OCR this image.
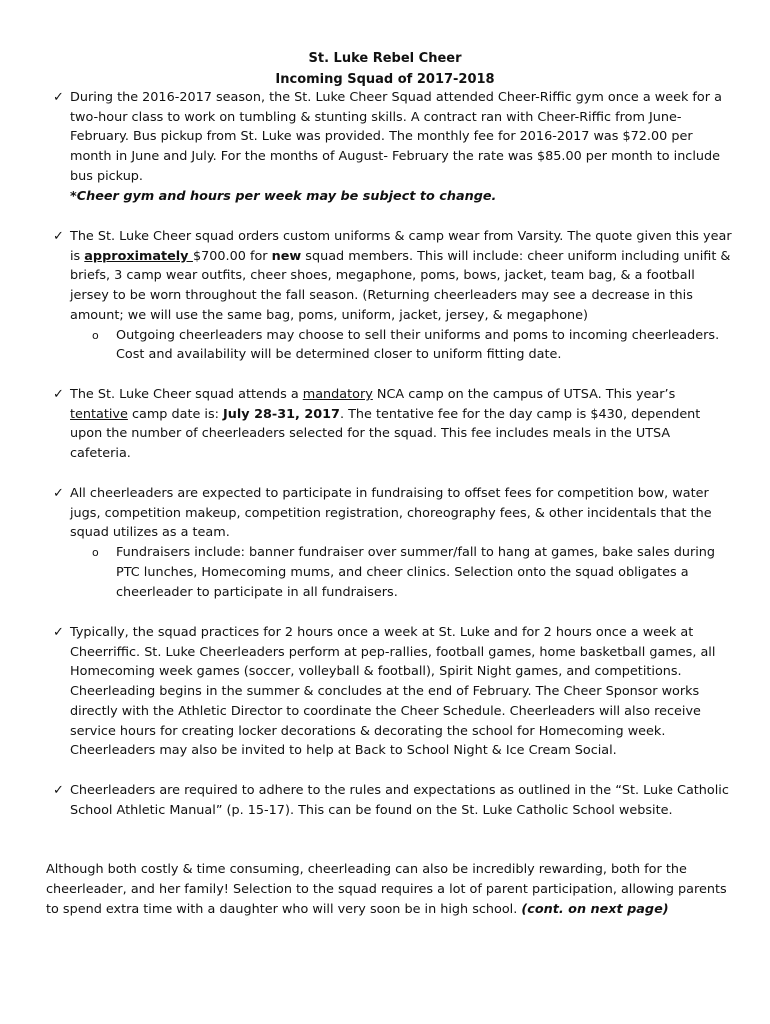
St. Luke Rebel Cheer
Incoming Squad of 2017-2018
✓ During the 2016-2017 season, the St. Luke Cheer Squad attended Cheer-Riffic gym once a week for a two-hour class to work on tumbling & stunting skills. A contract ran with Cheer-Riffic from June-February. Bus pickup from St. Luke was provided. The monthly fee for 2016-2017 was $72.00 per month in June and July. For the months of August- February the rate was $85.00 per month to include bus pickup.
*Cheer gym and hours per week may be subject to change.
✓ The St. Luke Cheer squad orders custom uniforms & camp wear from Varsity. The quote given this year is approximately $700.00 for new squad members. This will include: cheer uniform including unifit & briefs, 3 camp wear outfits, cheer shoes, megaphone, poms, bows, jacket, team bag, & a football jersey to be worn throughout the fall season. (Returning cheerleaders may see a decrease in this amount; we will use the same bag, poms, uniform, jacket, jersey, & megaphone)
o Outgoing cheerleaders may choose to sell their uniforms and poms to incoming cheerleaders. Cost and availability will be determined closer to uniform fitting date.
✓ The St. Luke Cheer squad attends a mandatory NCA camp on the campus of UTSA. This year’s tentative camp date is: July 28-31, 2017. The tentative fee for the day camp is $430, dependent upon the number of cheerleaders selected for the squad. This fee includes meals in the UTSA cafeteria.
✓ All cheerleaders are expected to participate in fundraising to offset fees for competition bow, water jugs, competition makeup, competition registration, choreography fees, & other incidentals that the squad utilizes as a team.
o Fundraisers include: banner fundraiser over summer/fall to hang at games, bake sales during PTC lunches, Homecoming mums, and cheer clinics. Selection onto the squad obligates a cheerleader to participate in all fundraisers.
✓ Typically, the squad practices for 2 hours once a week at St. Luke and for 2 hours once a week at Cheerriffic. St. Luke Cheerleaders perform at pep-rallies, football games, home basketball games, all Homecoming week games (soccer, volleyball & football), Spirit Night games, and competitions. Cheerleading begins in the summer & concludes at the end of February. The Cheer Sponsor works directly with the Athletic Director to coordinate the Cheer Schedule. Cheerleaders will also receive service hours for creating locker decorations & decorating the school for Homecoming week. Cheerleaders may also be invited to help at Back to School Night & Ice Cream Social.
✓ Cheerleaders are required to adhere to the rules and expectations as outlined in the “St. Luke Catholic School Athletic Manual” (p. 15-17). This can be found on the St. Luke Catholic School website.
Although both costly & time consuming, cheerleading can also be incredibly rewarding, both for the cheerleader, and her family! Selection to the squad requires a lot of parent participation, allowing parents to spend extra time with a daughter who will very soon be in high school. (cont. on next page)
